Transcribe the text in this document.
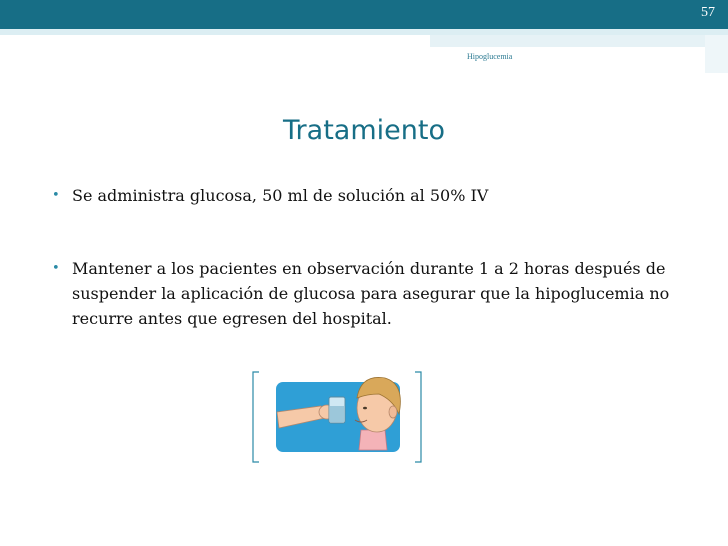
57
Hipoglucemia
Tratamiento
• Se administra glucosa, 50 ml de solución al 50% IV
• Mantener a los pacientes en observación durante 1 a 2 horas después de suspender la aplicación de glucosa para asegurar que la hipoglucemia no recurre antes que egresen del hospital.
